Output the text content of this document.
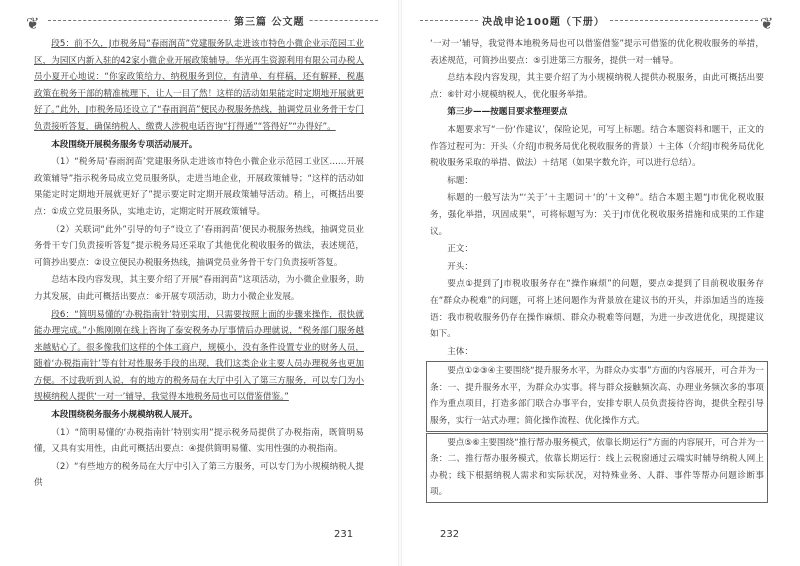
❦	第三篇 公文题

段5：前不久，J市税务局“春雨润苗”党建服务队走进该市特色小微企业示范园工业区，为园区内新入驻的42家小微企业开展政策辅导。华光再生资源利用有限公司办税人员小夏开心地说：“你家政策给力、纳税服务到位，有清单、有样稿，还有解释，税惠政策在税务干部的精准梳理下，让人一目了然！这样的活动如果能定时定期地开展就更好了。”此外，J市税务局还设立了“春雨润苗”便民办税服务热线，抽调党员业务骨干专门负责接听答复，确保纳税人、缴费人涉税电话咨询“打得通”“答得好”“办得好”。

本段围绕开展税务服务专项活动展开。

（1）“税务局‘春雨润苗’党建服务队走进该市特色小微企业示范园工业区……开展政策辅导”指示税务局成立党员服务队，走进当地企业，开展政策辅导；“这样的活动如果能定时定期地开展就更好了”提示要定时定期开展政策辅导活动。稍上，可概括出要点：①成立党员服务队，实地走访，定期定时开展政策辅导。

（2）关联词“此外”引导的句子“设立了‘春雨润苗’便民办税服务热线，抽调党员业务骨干专门负责接听答复”提示税务局还采取了其他优化税收服务的做法，表述规范，可简抄出要点：②设立便民办税服务热线，抽调党员业务骨干专门负责接听答复。

总结本段内容发现，其主要介绍了开展“春雨润苗”这项活动，为小微企业服务，助力其发展，由此可概括出要点：⑥开展专项活动，助力小微企业发展。

段6：“简明易懂的‘办税指南针’特别实用，只需要按照上面的步骤来操作，很快就能办理完成。”小熊刚刚在线上咨询了泰安税务办厅事情后办理就说，“税务部门服务越来越贴心了。很多像我们这样的个体工商户，规模小，没有条件设置专业的财务人员，随着‘办税指南针’等有针对性服务手段的出现，我们这类企业主要人员办理税务也更加方便。不过我听到人说，有的地方的税务局在大厅中引入了第三方服务，可以专门为小规模纳税人提供‘一对一’辅导，我觉得本地税务局也可以借鉴借鉴。”

本段围绕税务服务小规模纳税人展开。

（1）“简明易懂的‘办税指南针’特别实用”提示税务局提供了办税指南，既简明易懂，又具有实用性，由此可概括出要点：④提供简明易懂、实用性强的办税指南。

（2）“有些地方的税务局在大厅中引入了第三方服务，可以专门为小规模纳税人提供

231
决战申论100题（下册）	❦

‘一对一’辅导，我觉得本地税务局也可以借鉴借鉴”提示可借鉴的优化税收服务的举措，表述规范，可简抄出要点：⑤引进第三方服务，提供一对一辅导。

总结本段内容发现，其主要介绍了为小规模纳税人提供办税服务，由此可概括出要点：⑥针对小规模纳税人，优化服务举措。

第三步——按题目要求整理要点

本题要求写“一份‘作建议’，保险论见，可写上标题。结合本题资料和题干，正文的作答过程可为：开头（介绍J市税务局优化税收服务的背景）＋主体（介绍J市税务局优化税收服务采取的举措、做法）＋结尾（如果字数允许，可以进行总结）。

标题：

标题的一般写法为“‘关于’＋主题词＋‘的’＋文种”。结合本题主题“J市优化税收服务，强化举措，巩固成果”，可将标题写为：关于J市优化税收服务措施和成果的工作建议。

正文：

开头：

要点①提到了J市税收服务存在“操作麻烦”的问题，要点②提到了目前税收服务存在“群众办税难”的问题，可将上述问题作为背景放在建议书的开头，并添加适当的连接语：我市税收服务仍存在操作麻烦、群众办税难等问题，为进一步改进优化，现提建议如下。

主体：

要点①②③④主要围绕“提升服务水平，为群众办实事”方面的内容展开，可合并为一条：一、提升服务水平，为群众办实事。将与群众接触频次高、办理业务频次多的事项作为重点项目，打造多部门联合办事平台，安排专职人员负责接待咨询，提供全程引导服务，实行一站式办理；简化操作流程、优化操作方式。

要点⑤⑥主要围绕“推行帮办服务模式，依靠长期运行”方面的内容展开，可合并为一条：二、推行帮办服务模式，依靠长期运行：线上云税窗通过云端实时辅导纳税人网上办税；线下根据纳税人需求和实际状况，对特殊业务、人群、事件等帮办问题诊断事项。

232
